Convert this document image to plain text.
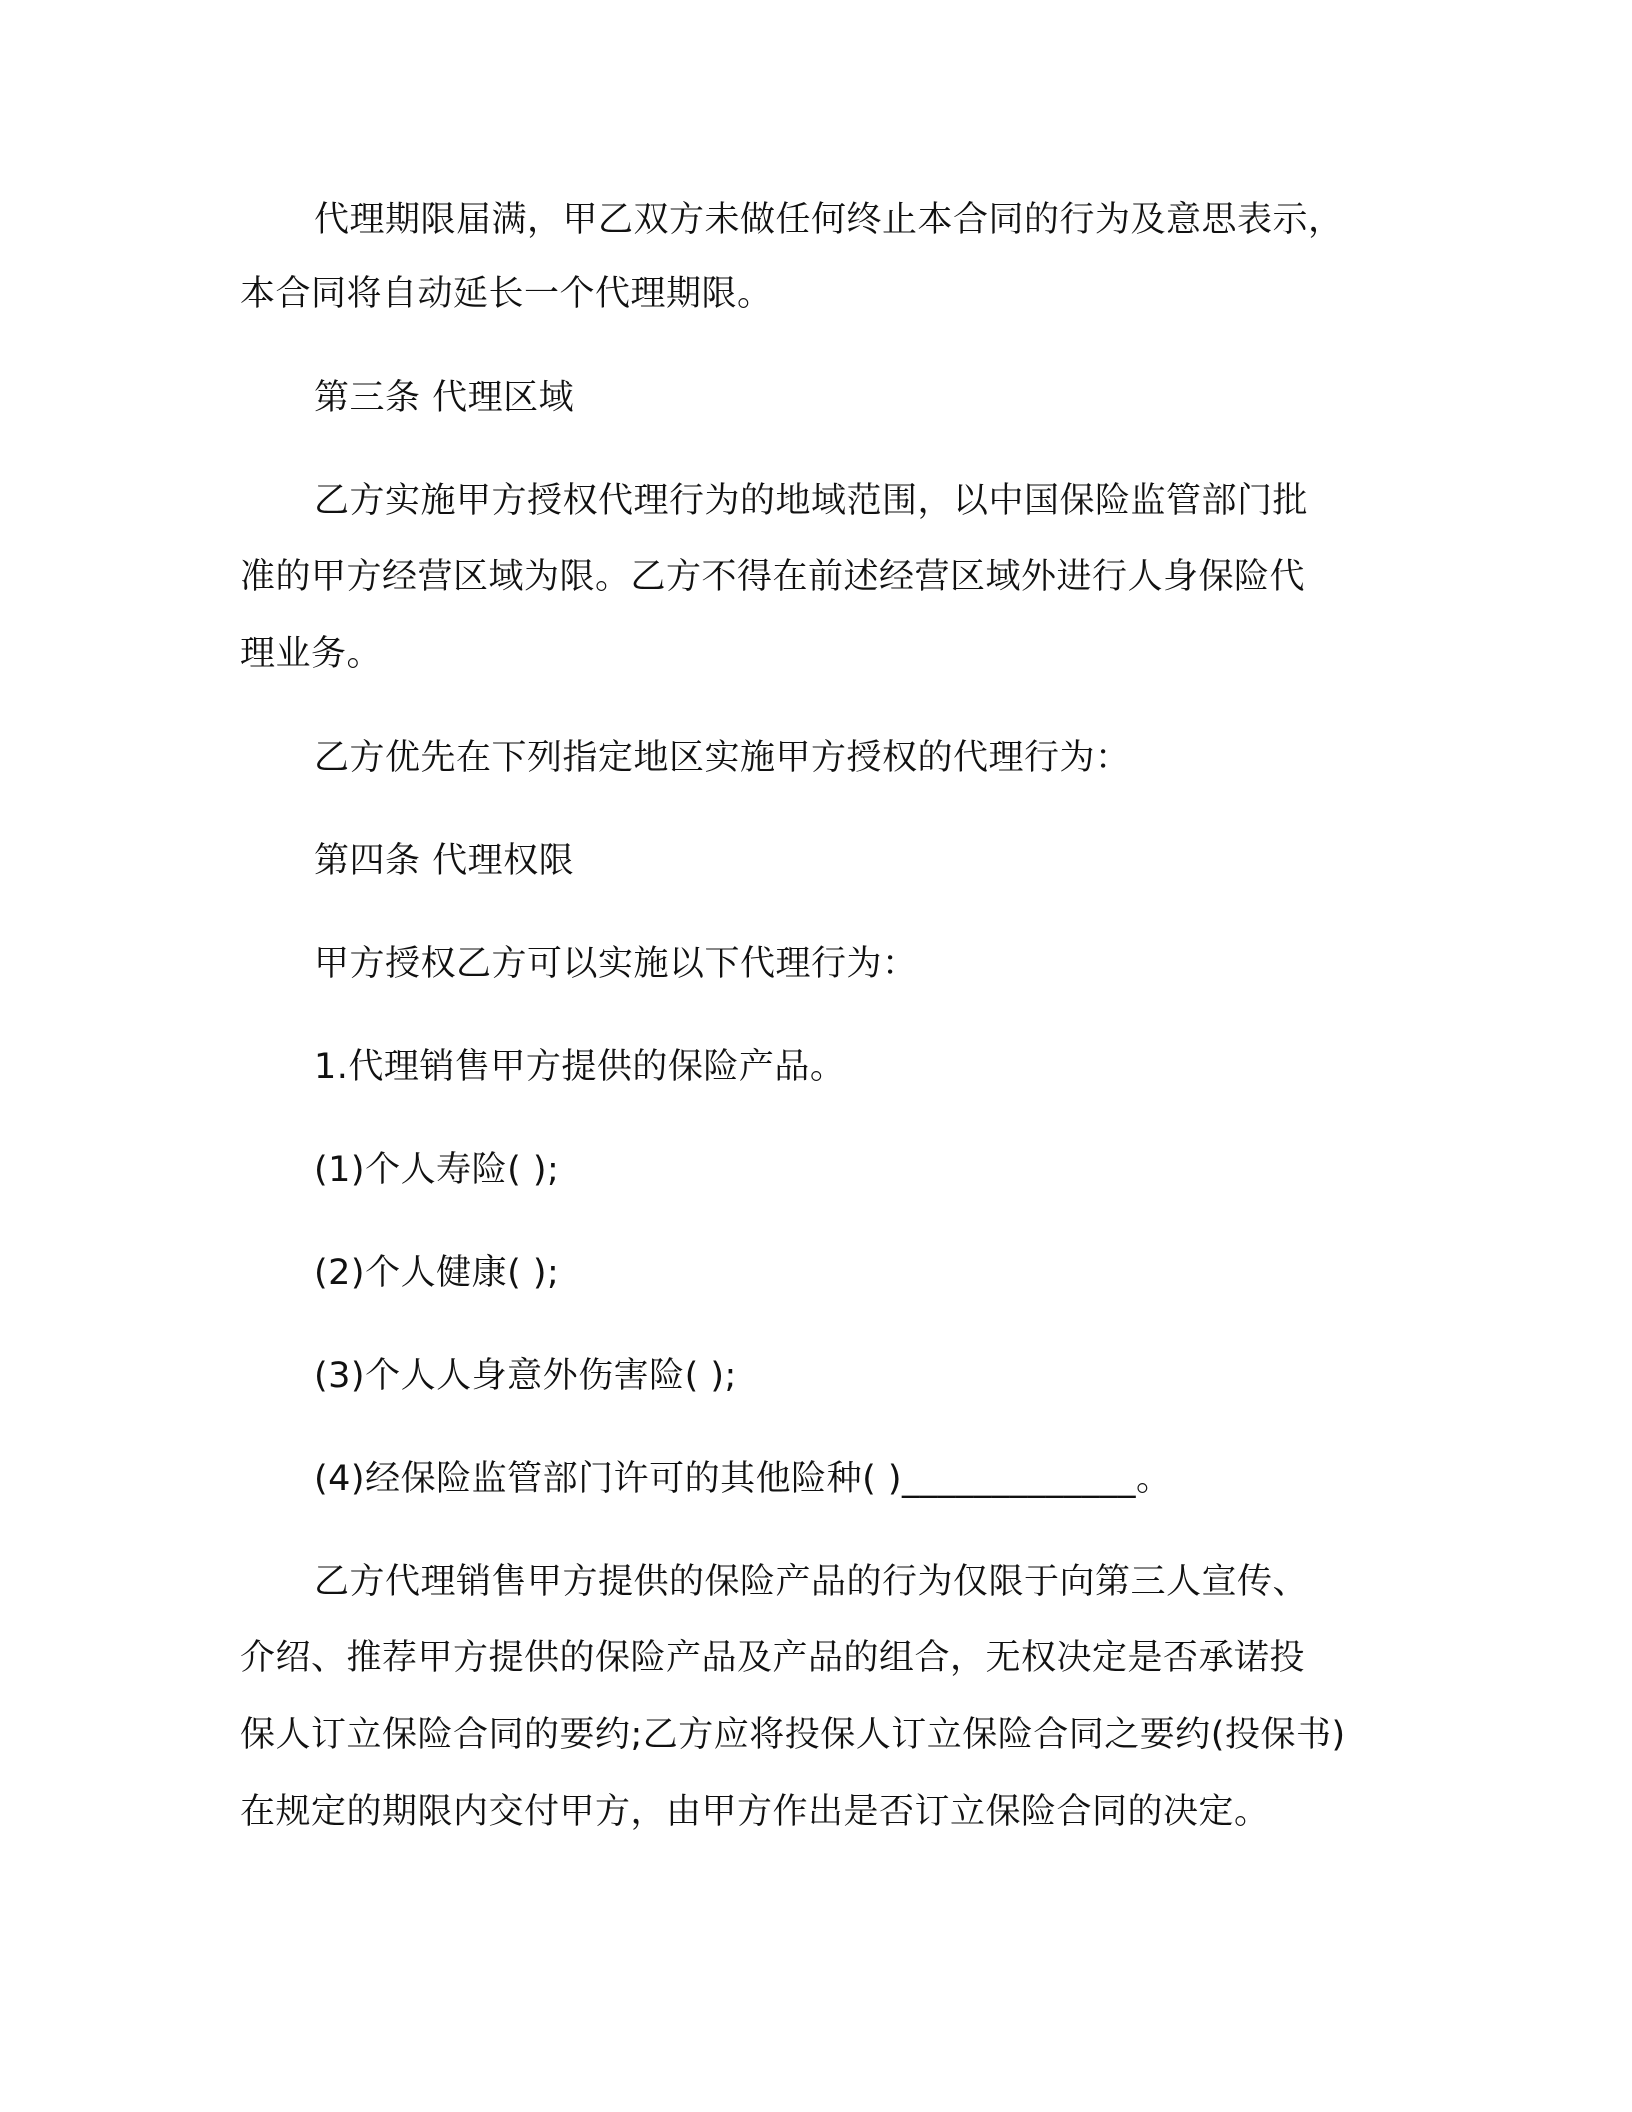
代理期限届满，甲乙双方未做任何终止本合同的行为及意思表示，

本合同将自动延长一个代理期限。

第三条 代理区域

乙方实施甲方授权代理行为的地域范围，以中国保险监管部门批

准的甲方经营区域为限。乙方不得在前述经营区域外进行人身保险代

理业务。

乙方优先在下列指定地区实施甲方授权的代理行为：

第四条 代理权限

甲方授权乙方可以实施以下代理行为：

1.代理销售甲方提供的保险产品。

(1)个人寿险( );

(2)个人健康( );

(3)个人人身意外伤害险( );

(4)经保险监管部门许可的其他险种( )_____________。

乙方代理销售甲方提供的保险产品的行为仅限于向第三人宣传、

介绍、推荐甲方提供的保险产品及产品的组合，无权决定是否承诺投

保人订立保险合同的要约;乙方应将投保人订立保险合同之要约(投保书)

在规定的期限内交付甲方，由甲方作出是否订立保险合同的决定。
